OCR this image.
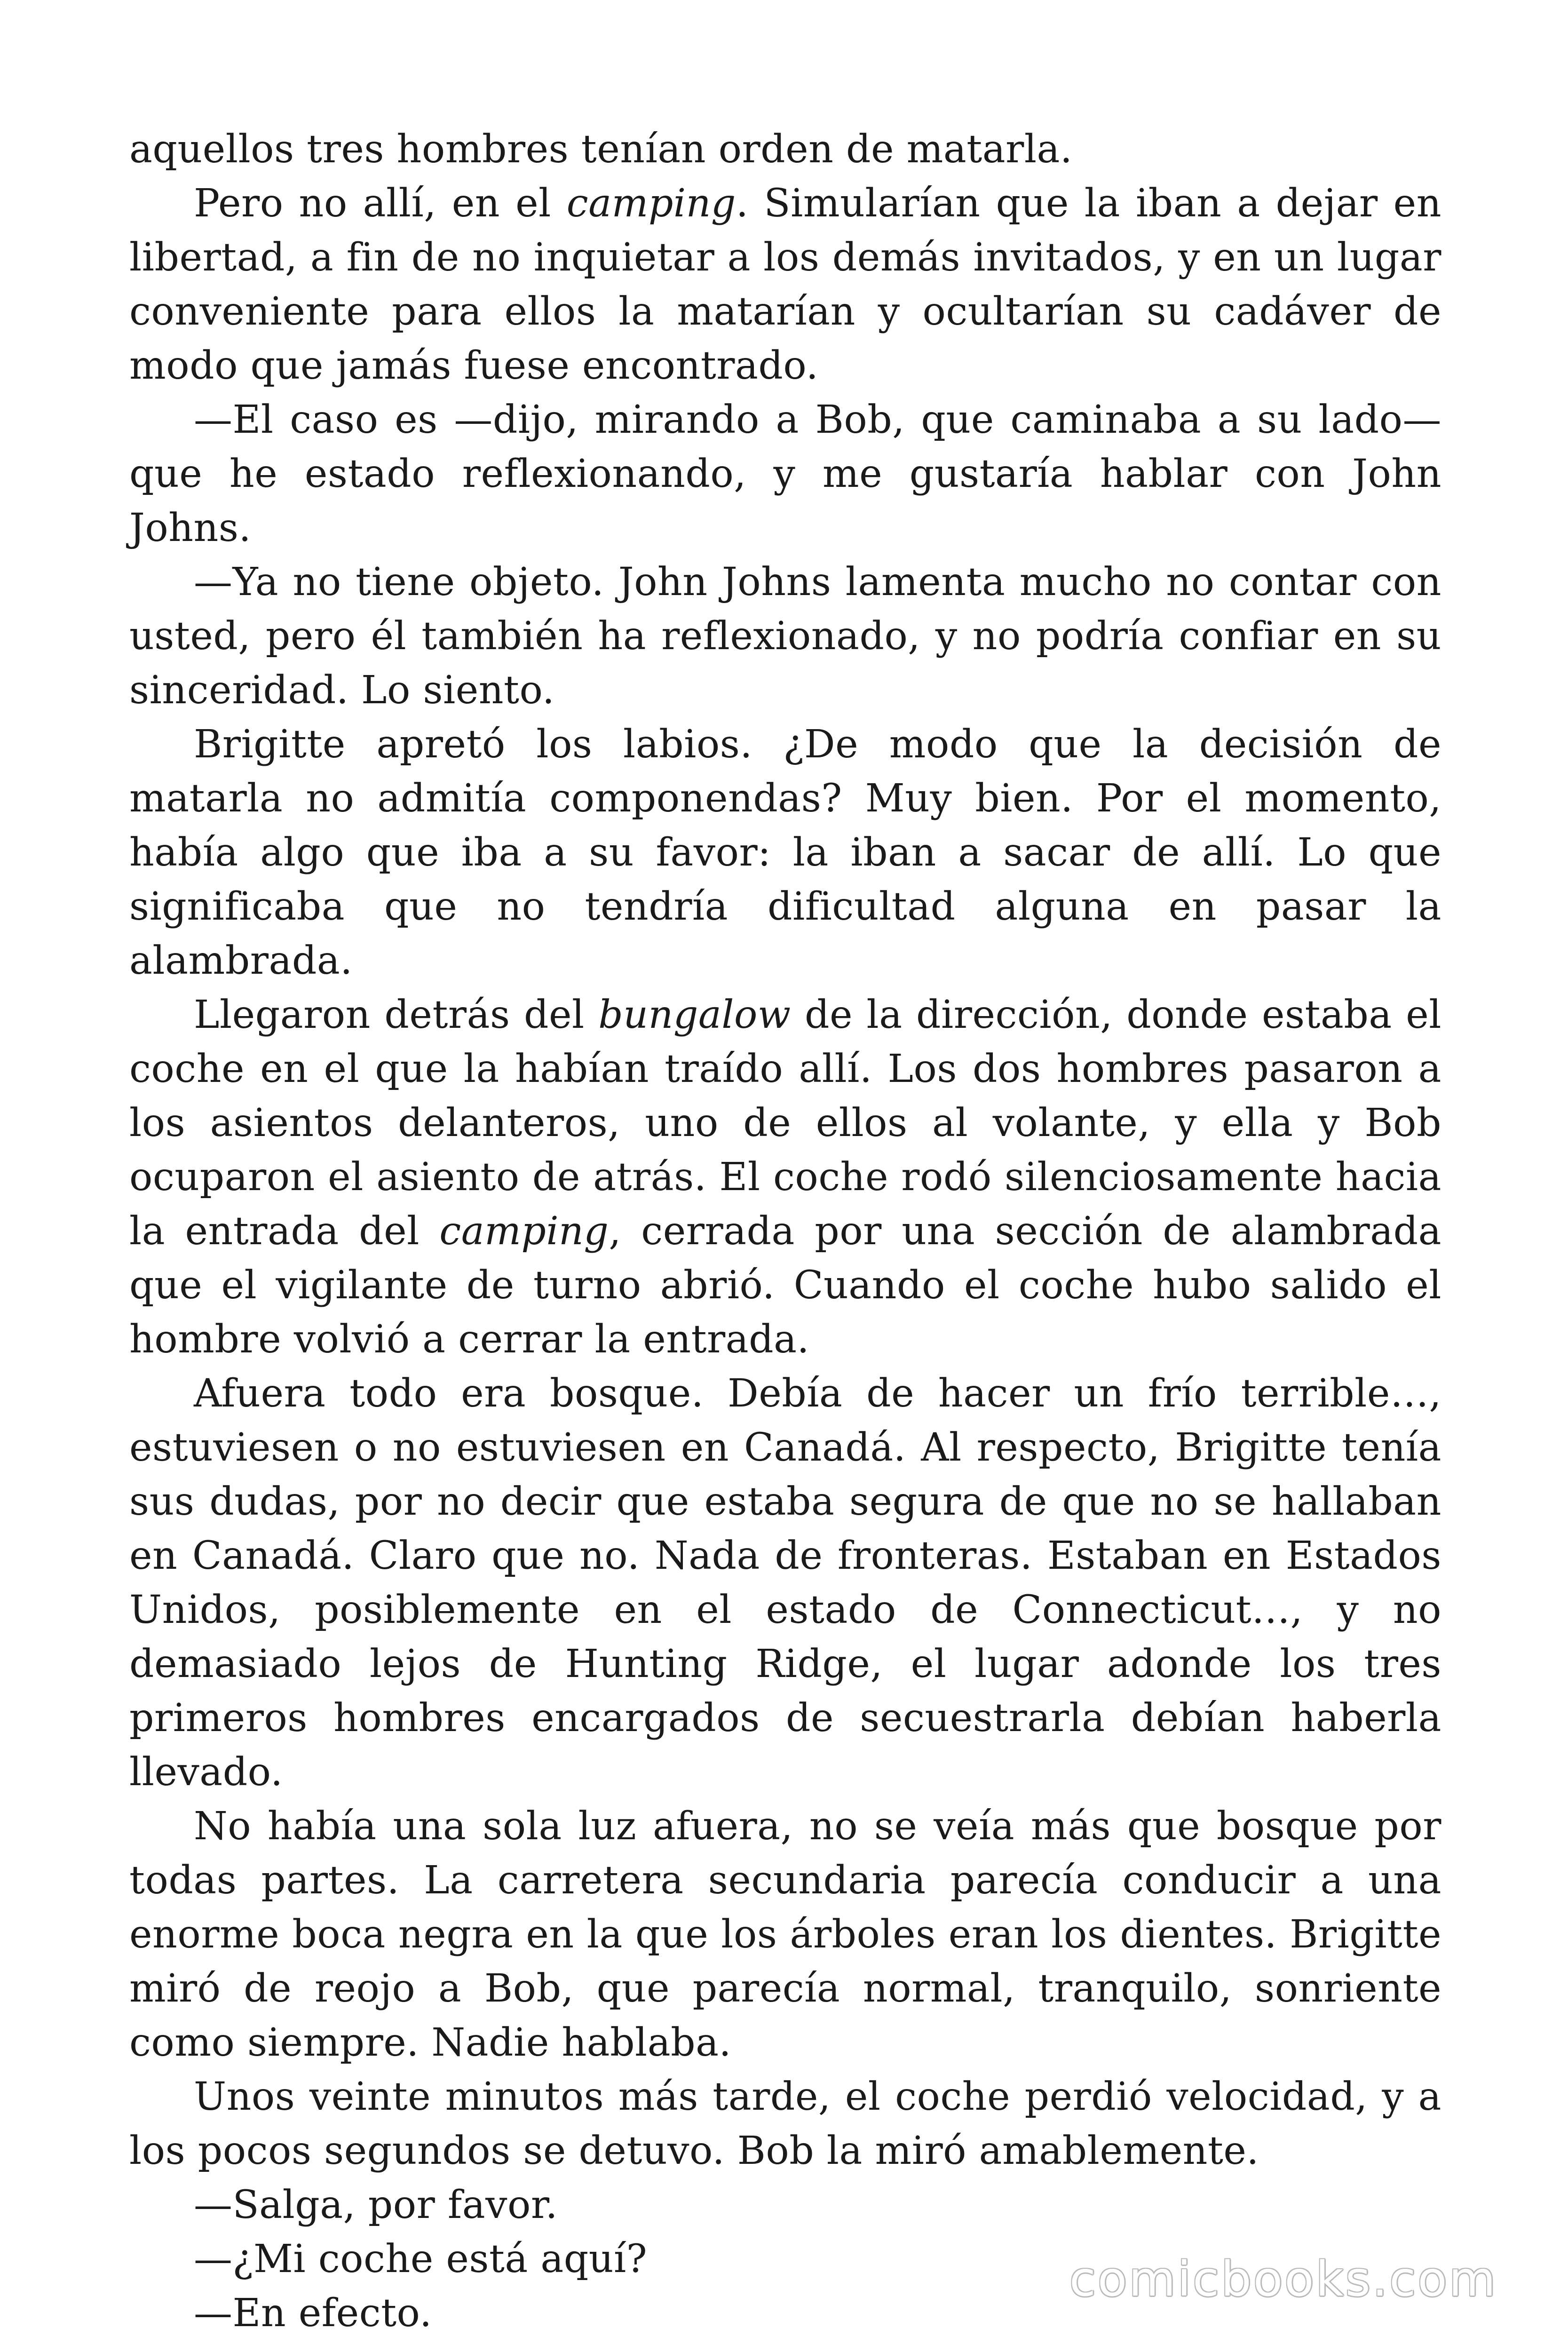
aquellos tres hombres tenían orden de matarla.

Pero no allí, en el camping. Simularían que la iban a dejar en libertad, a fin de no inquietar a los demás invitados, y en un lugar conveniente para ellos la matarían y ocultarían su cadáver de modo que jamás fuese encontrado.

—El caso es —dijo, mirando a Bob, que caminaba a su lado— que he estado reflexionando, y me gustaría hablar con John Johns.

—Ya no tiene objeto. John Johns lamenta mucho no contar con usted, pero él también ha reflexionado, y no podría confiar en su sinceridad. Lo siento.

Brigitte apretó los labios. ¿De modo que la decisión de matarla no admitía componendas? Muy bien. Por el momento, había algo que iba a su favor: la iban a sacar de allí. Lo que significaba que no tendría dificultad alguna en pasar la alambrada.

Llegaron detrás del bungalow de la dirección, donde estaba el coche en el que la habían traído allí. Los dos hombres pasaron a los asientos delanteros, uno de ellos al volante, y ella y Bob ocuparon el asiento de atrás. El coche rodó silenciosamente hacia la entrada del camping, cerrada por una sección de alambrada que el vigilante de turno abrió. Cuando el coche hubo salido el hombre volvió a cerrar la entrada.

Afuera todo era bosque. Debía de hacer un frío terrible…, estuviesen o no estuviesen en Canadá. Al respecto, Brigitte tenía sus dudas, por no decir que estaba segura de que no se hallaban en Canadá. Claro que no. Nada de fronteras. Estaban en Estados Unidos, posiblemente en el estado de Connecticut…, y no demasiado lejos de Hunting Ridge, el lugar adonde los tres primeros hombres encargados de secuestrarla debían haberla llevado.

No había una sola luz afuera, no se veía más que bosque por todas partes. La carretera secundaria parecía conducir a una enorme boca negra en la que los árboles eran los dientes. Brigitte miró de reojo a Bob, que parecía normal, tranquilo, sonriente como siempre. Nadie hablaba.

Unos veinte minutos más tarde, el coche perdió velocidad, y a los pocos segundos se detuvo. Bob la miró amablemente.

—Salga, por favor.

—¿Mi coche está aquí?

—En efecto.

comicbooks.com
